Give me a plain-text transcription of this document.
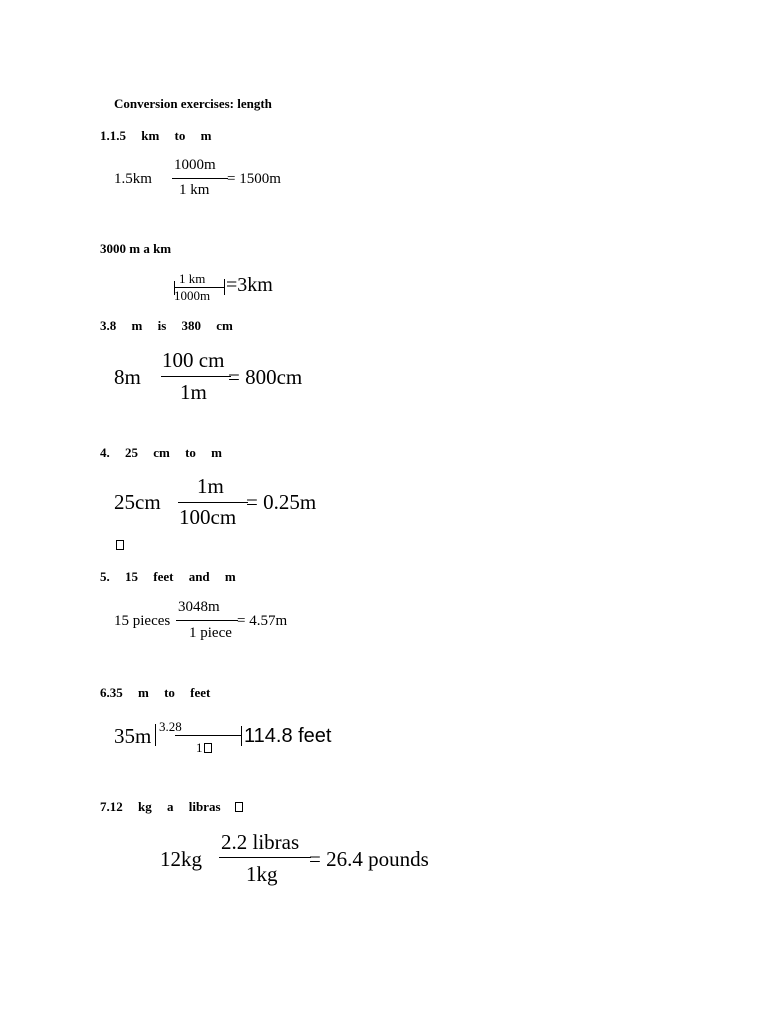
Conversion exercises: length
1.1.5 km to m
1.5km
1000m
1 km
= 1500m
3000 m a km
1 km
1000m =3km
3.8 m is 380 cm
8m
100 cm
1m
= 800cm
4. 25 cm to m
25cm
1m
100cm
= 0.25m
5. 15 feet and m
15 pieces
3048m
1 piece
= 4.57m
6.35 m to feet
35m 3.28
1
114.8 feet
7.12 kg a libras
12kg
2.2 libras
1kg
= 26.4 pounds
